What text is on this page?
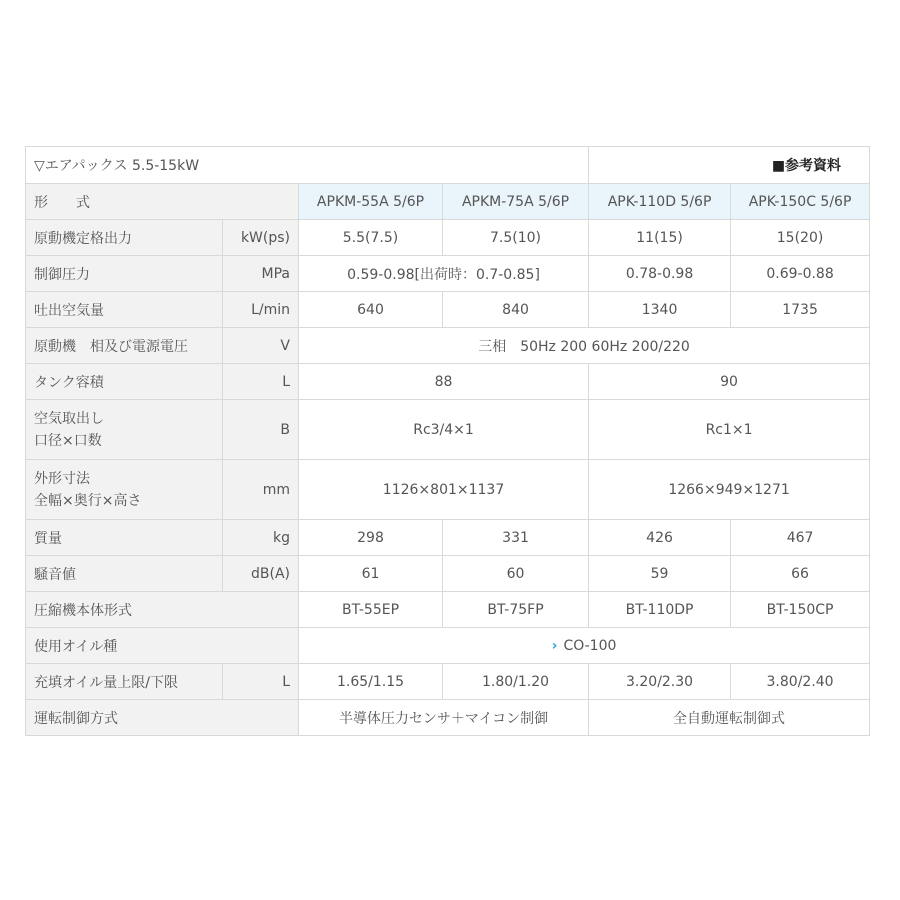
▽エアパックス 5.5-15kW				■参考資料	
形　　式		APKM-55A 5/6P	APKM-75A 5/6P	APK-110D 5/6P	APK-150C 5/6P
原動機定格出力	kW(ps)	5.5(7.5)	7.5(10)	11(15)	15(20)
制御圧力	MPa	0.59-0.98[出荷時：0.7-0.85]		0.78-0.98	0.69-0.88
吐出空気量	L/min	640	840	1340	1735
原動機　相及び電源電圧	V	三相　50Hz 200 60Hz 200/220			
タンク容積	L	88		90	

空気取出し
口径×口数	B	Rc3/4×1		Rc1×1	

外形寸法
全幅×奥行×高さ	mm	1126×801×1137		1266×949×1271	
質量	kg	298	331	426	467
騒音値	dB(A)	61	60	59	66
圧縮機本体形式		BT-55EP	BT-75FP	BT-110DP	BT-150CP
使用オイル種		› CO-100			
充填オイル量上限/下限	L	1.65/1.15	1.80/1.20	3.20/2.30	3.80/2.40
運転制御方式		半導体圧力センサ＋マイコン制御		全自動運転制御式	
